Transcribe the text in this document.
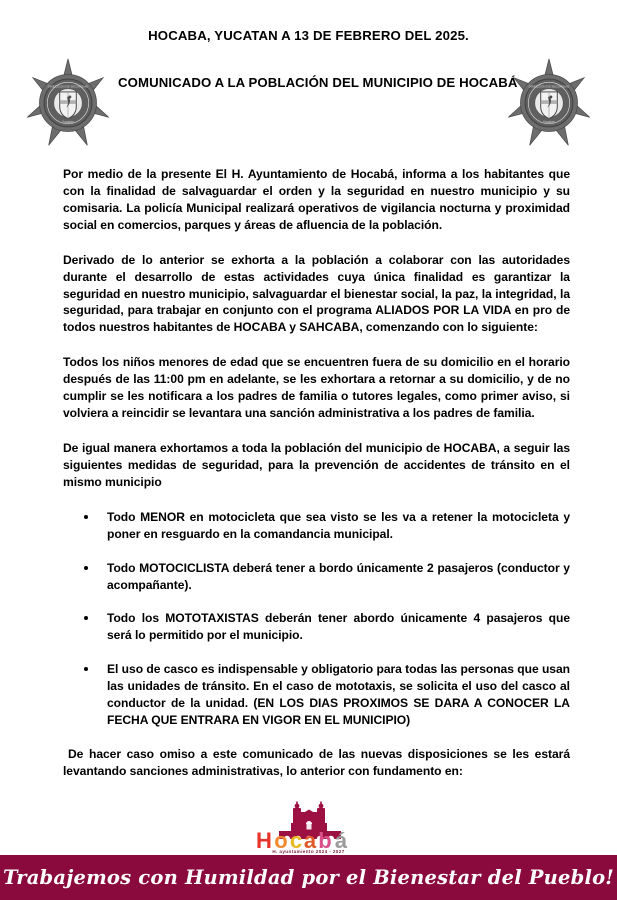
DIRECCION DE SEGURIDAD
Yucatan
DIRECCION DE SEGURIDAD
Yucatan
HOCABA, YUCATAN A 13 DE FEBRERO DEL 2025.
COMUNICADO A LA POBLACIÓN DEL MUNICIPIO DE HOCABÁ

Por medio de la presente El H. Ayuntamiento de Hocabá, informa a los habitantes que con la finalidad de salvaguardar el orden y la seguridad en nuestro municipio y su comisaria. La policía Municipal realizará operativos de vigilancia nocturna y proximidad social en comercios, parques y áreas de afluencia de la población.

Derivado de lo anterior se exhorta a la población a colaborar con las autoridades durante el desarrollo de estas actividades cuya única finalidad es garantizar la seguridad en nuestro municipio, salvaguardar el bienestar social, la paz, la integridad, la seguridad, para trabajar en conjunto con el programa ALIADOS POR LA VIDA en pro de todos nuestros habitantes de HOCABA y SAHCABA, comenzando con lo siguiente:

Todos los niños menores de edad que se encuentren fuera de su domicilio en el horario después de las 11:00 pm en adelante, se les exhortara a retornar a su domicilio, y de no cumplir se les notificara a los padres de familia o tutores legales, como primer aviso, si volviera a reincidir se levantara una sanción administrativa a los padres de familia.

De igual manera exhortamos a toda la población del municipio de HOCABA, a seguir las siguientes medidas de seguridad, para la prevención de accidentes de tránsito en el mismo municipio

Todo MENOR en motocicleta que sea visto se les va a retener la motocicleta y poner en resguardo en la comandancia municipal.
Todo MOTOCICLISTA deberá tener a bordo únicamente 2 pasajeros (conductor y acompañante).
Todo los MOTOTAXISTAS deberán tener abordo únicamente 4 pasajeros que será lo permitido por el municipio.
El uso de casco es indispensable y obligatorio para todas las personas que usan las unidades de tránsito. En el caso de mototaxis, se solicita el uso del casco al conductor de la unidad. (EN LOS DIAS PROXIMOS SE DARA A CONOCER LA FECHA QUE ENTRARA EN VIGOR EN EL MUNICIPIO)

De hacer caso omiso a este comunicado de las nuevas disposiciones se les estará levantando sanciones administrativas, lo anterior con fundamento en:

H o c a b á
H. ayuntamiento 2024 - 2027
Trabajemos con Humildad por el Bienestar del Pueblo!
